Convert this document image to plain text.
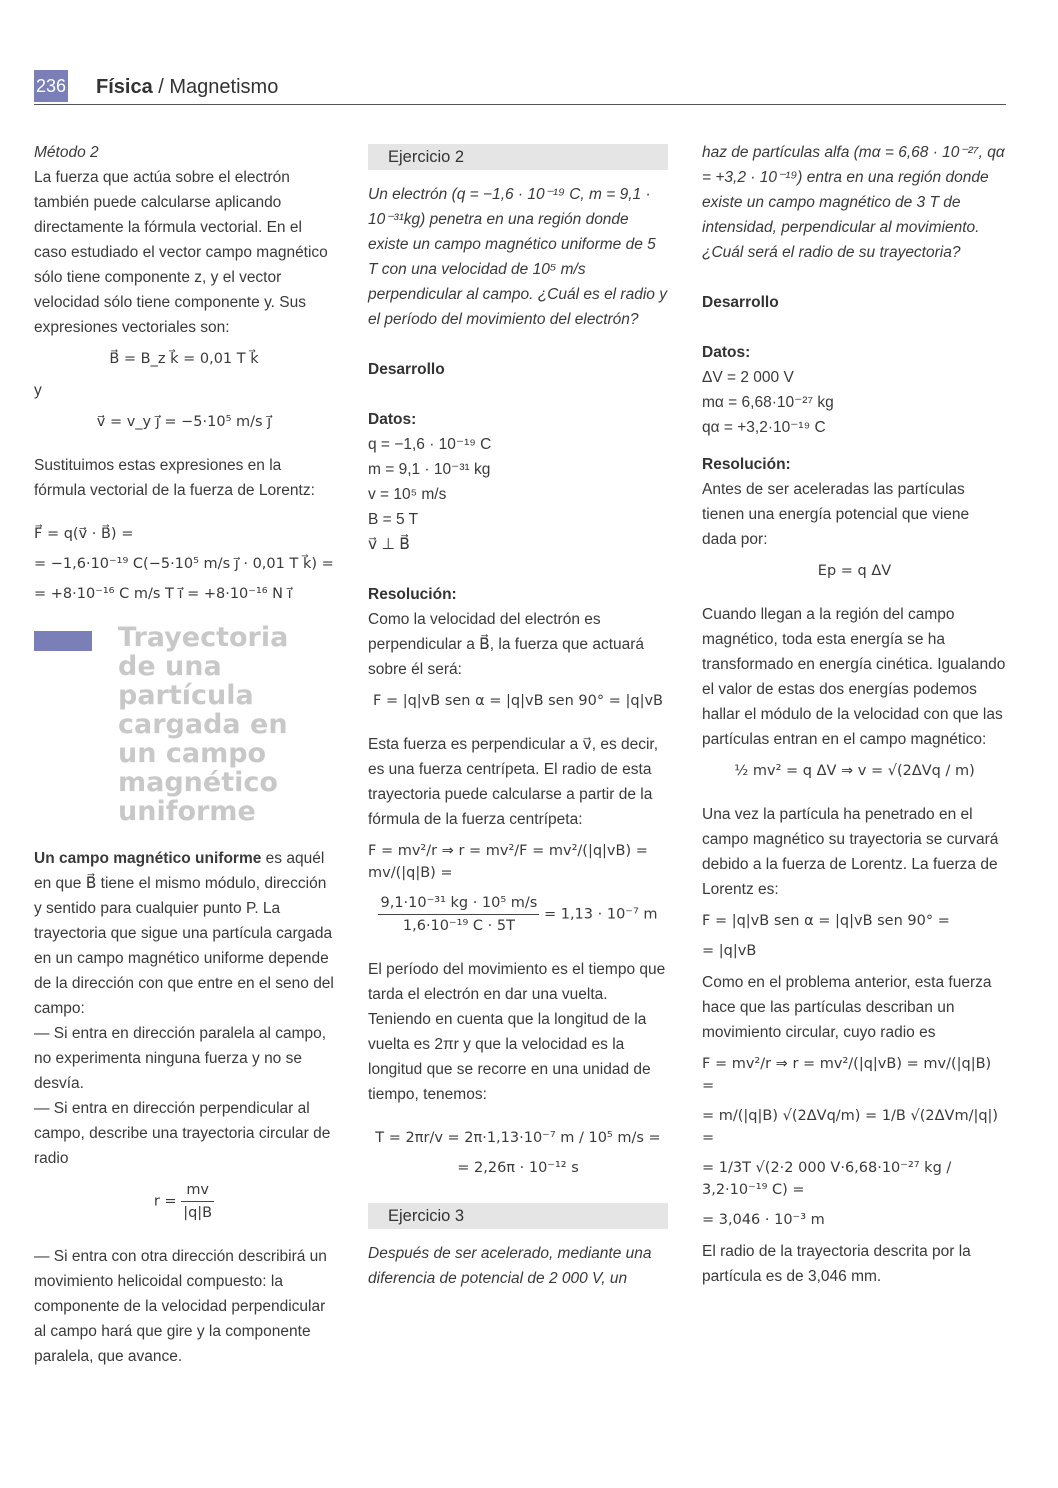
236 Física / Magnetismo

Método 2

La fuerza que actúa sobre el electrón también puede calcularse aplicando directamente la fórmula vectorial. En el caso estudiado el vector campo magnético sólo tiene componente z, y el vector velocidad sólo tiene componente y. Sus expresiones vectoriales son:

B⃗ = B_z k⃗ = 0,01 T k⃗

y

v⃗ = v_y j⃗ = −5·10⁵ m/s j⃗

Sustituimos estas expresiones en la fórmula vectorial de la fuerza de Lorentz:

F⃗ = q(v⃗ · B⃗) =
= −1,6·10⁻¹⁹ C(−5·10⁵ m/s j⃗ · 0,01 T k⃗) =
= +8·10⁻¹⁶ C m/s T i⃗ = +8·10⁻¹⁶ N i⃗
Trayectoria de una partícula cargada en un campo magnético uniforme

Un campo magnético uniforme es aquél en que B⃗ tiene el mismo módulo, dirección y sentido para cualquier punto P. La trayectoria que sigue una partícula cargada en un campo magnético uniforme depende de la dirección con que entre en el seno del campo:

— Si entra en dirección paralela al campo, no experimenta ninguna fuerza y no se desvía.

— Si entra en dirección perpendicular al campo, describe una trayectoria circular de radio

$r = \frac{mv}{|q|B}$

— Si entra con otra dirección describirá un movimiento helicoidal compuesto: la componente de la velocidad perpendicular al campo hará que gire y la componente paralela, que avance.

Ejercicio 2

Un electrón (q = −1,6 · 10⁻¹⁹ C, m = 9,1 · 10⁻³¹kg) penetra en una región donde existe un campo magnético uniforme de 5 T con una velocidad de 10⁵ m/s perpendicular al campo. ¿Cuál es el radio y el período del movimiento del electrón?

Desarrollo

Datos:

q = −1,6 · 10⁻¹⁹ C

m = 9,1 · 10⁻³¹ kg

v = 10⁵ m/s

B = 5 T

v⃗ ⊥ B⃗

Resolución:

Como la velocidad del electrón es perpendicular a B⃗, la fuerza que actuará sobre él será:

F = |q|vB sen α = |q|vB sen 90° = |q|vB

Esta fuerza es perpendicular a v⃗, es decir, es una fuerza centrípeta. El radio de esta trayectoria puede calcularse a partir de la fórmula de la fuerza centrípeta:

F = mv²/r ⇒ r = mv²/F = mv²/(|q|vB) = mv/(|q|B) =
$\frac{\text{9,1·10⁻³¹ kg · 10⁵ m/s}}{\text{1,6·10⁻¹⁹ C · 5T}} = 1,13 \cdot 10^{-7}$ m

El período del movimiento es el tiempo que tarda el electrón en dar una vuelta. Teniendo en cuenta que la longitud de la vuelta es 2πr y que la velocidad es la longitud que se recorre en una unidad de tiempo, tenemos:

T = 2πr/v = 2π·1,13·10⁻⁷ m / 10⁵ m/s =
= 2,26π · 10⁻¹² s
Ejercicio 3

Después de ser acelerado, mediante una diferencia de potencial de 2 000 V, un

haz de partículas alfa (mα = 6,68 · 10⁻²⁷, qα = +3,2 · 10⁻¹⁹) entra en una región donde existe un campo magnético de 3 T de intensidad, perpendicular al movimiento. ¿Cuál será el radio de su trayectoria?

Desarrollo

Datos:

ΔV = 2 000 V

mα = 6,68·10⁻²⁷ kg

qα = +3,2·10⁻¹⁹ C

Resolución:

Antes de ser aceleradas las partículas tienen una energía potencial que viene dada por:

Ep = q ΔV

Cuando llegan a la región del campo magnético, toda esta energía se ha transformado en energía cinética. Igualando el valor de estas dos energías podemos hallar el módulo de la velocidad con que las partículas entran en el campo magnético:

½ mv² = q ΔV ⇒ v = √(2ΔVq / m)

Una vez la partícula ha penetrado en el campo magnético su trayectoria se curvará debido a la fuerza de Lorentz. La fuerza de Lorentz es:

F = |q|vB sen α = |q|vB sen 90° =
= |q|vB

Como en el problema anterior, esta fuerza hace que las partículas describan un movimiento circular, cuyo radio es

F = mv²/r ⇒ r = mv²/(|q|vB) = mv/(|q|B) =
= m/(|q|B) √(2ΔVq/m) = 1/B √(2ΔVm/|q|) =
= 1/3T √(2·2 000 V·6,68·10⁻²⁷ kg / 3,2·10⁻¹⁹ C) =
= 3,046 · 10⁻³ m

El radio de la trayectoria descrita por la partícula es de 3,046 mm.
